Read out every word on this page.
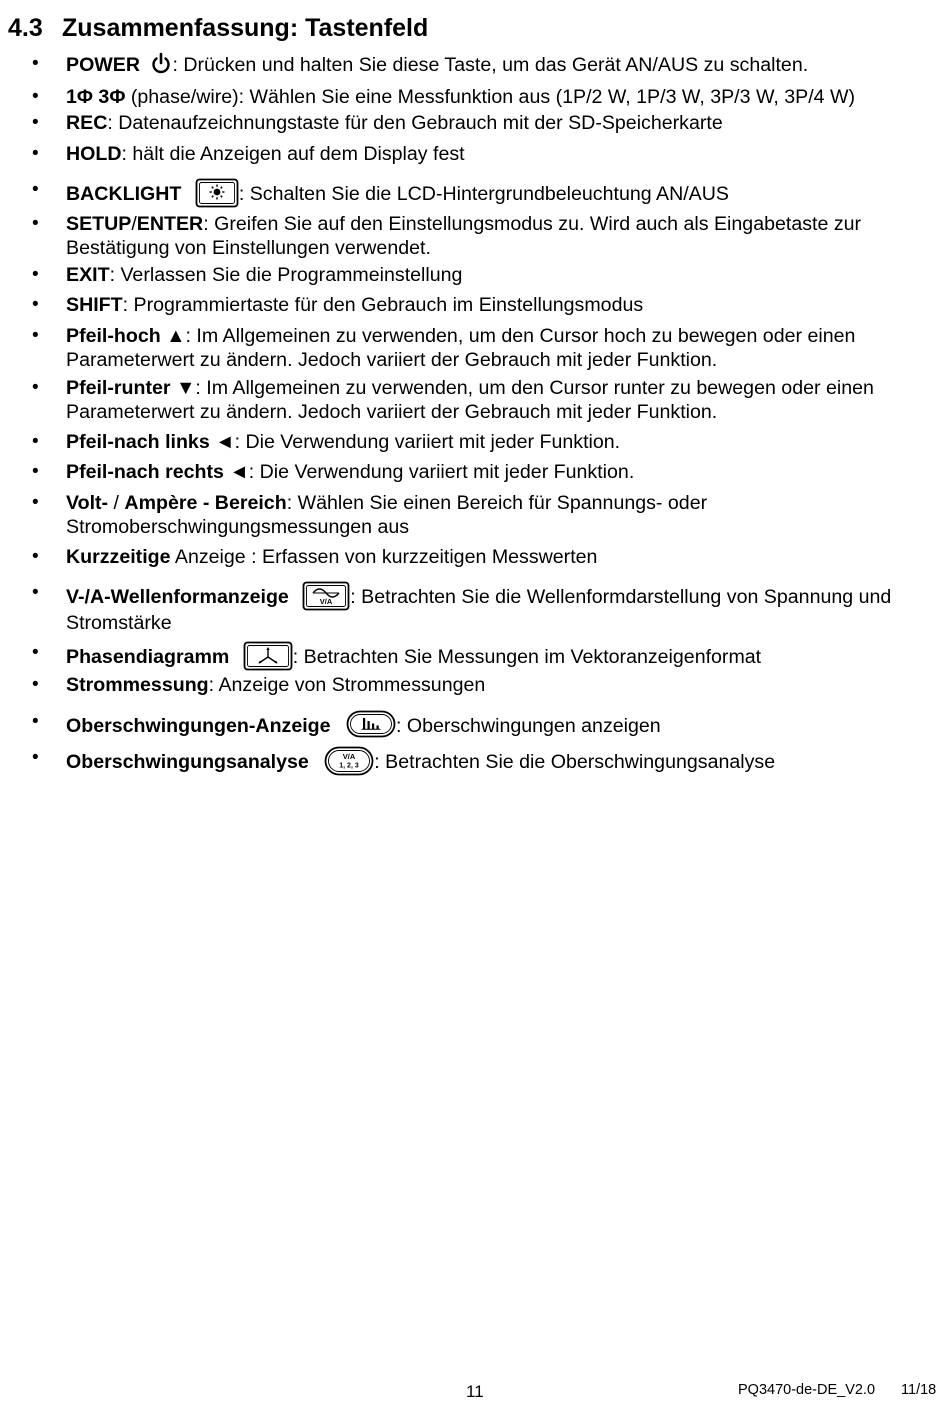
4.3 Zusammenfassung: Tastenfeld
• POWER : Drücken und halten Sie diese Taste, um das Gerät AN/AUS zu schalten.
• 1Φ 3Φ (phase/wire): Wählen Sie eine Messfunktion aus (1P/2 W, 1P/3 W, 3P/3 W, 3P/4 W)
• REC: Datenaufzeichnungstaste für den Gebrauch mit der SD-Speicherkarte
• HOLD: hält die Anzeigen auf dem Display fest
• BACKLIGHT	: Schalten Sie die LCD-Hintergrundbeleuchtung AN/AUS
• SETUP/ENTER: Greifen Sie auf den Einstellungsmodus zu. Wird auch als Eingabetaste zur Bestätigung von Einstellungen verwendet.
• EXIT: Verlassen Sie die Programmeinstellung
• SHIFT: Programmiertaste für den Gebrauch im Einstellungsmodus
• Pfeil-hoch ▲: Im Allgemeinen zu verwenden, um den Cursor hoch zu bewegen oder einen Parameterwert zu ändern. Jedoch variiert der Gebrauch mit jeder Funktion.
• Pfeil-runter ▼: Im Allgemeinen zu verwenden, um den Cursor runter zu bewegen oder einen Parameterwert zu ändern. Jedoch variiert der Gebrauch mit jeder Funktion.
• Pfeil-nach links ◄: Die Verwendung variiert mit jeder Funktion.
• Pfeil-nach rechts ◄: Die Verwendung variiert mit jeder Funktion.
• Volt- / Ampère - Bereich: Wählen Sie einen Bereich für Spannungs- oder Stromoberschwingungsmessungen aus
• Kurzzeitige Anzeige : Erfassen von kurzzeitigen Messwerten
• V-/A-Wellenformanzeige	V/A : Betrachten Sie die Wellenformdarstellung von Spannung und Stromstärke
• Phasendiagramm	: Betrachten Sie Messungen im Vektoranzeigenformat
• Strommessung: Anzeige von Strommessungen
• Oberschwingungen-Anzeige	: Oberschwingungen anzeigen
• Oberschwingungsanalyse	V/A
1, 2, 3 : Betrachten Sie die Oberschwingungsanalyse
11	PQ3470-de-DE_V2.0 11/18
